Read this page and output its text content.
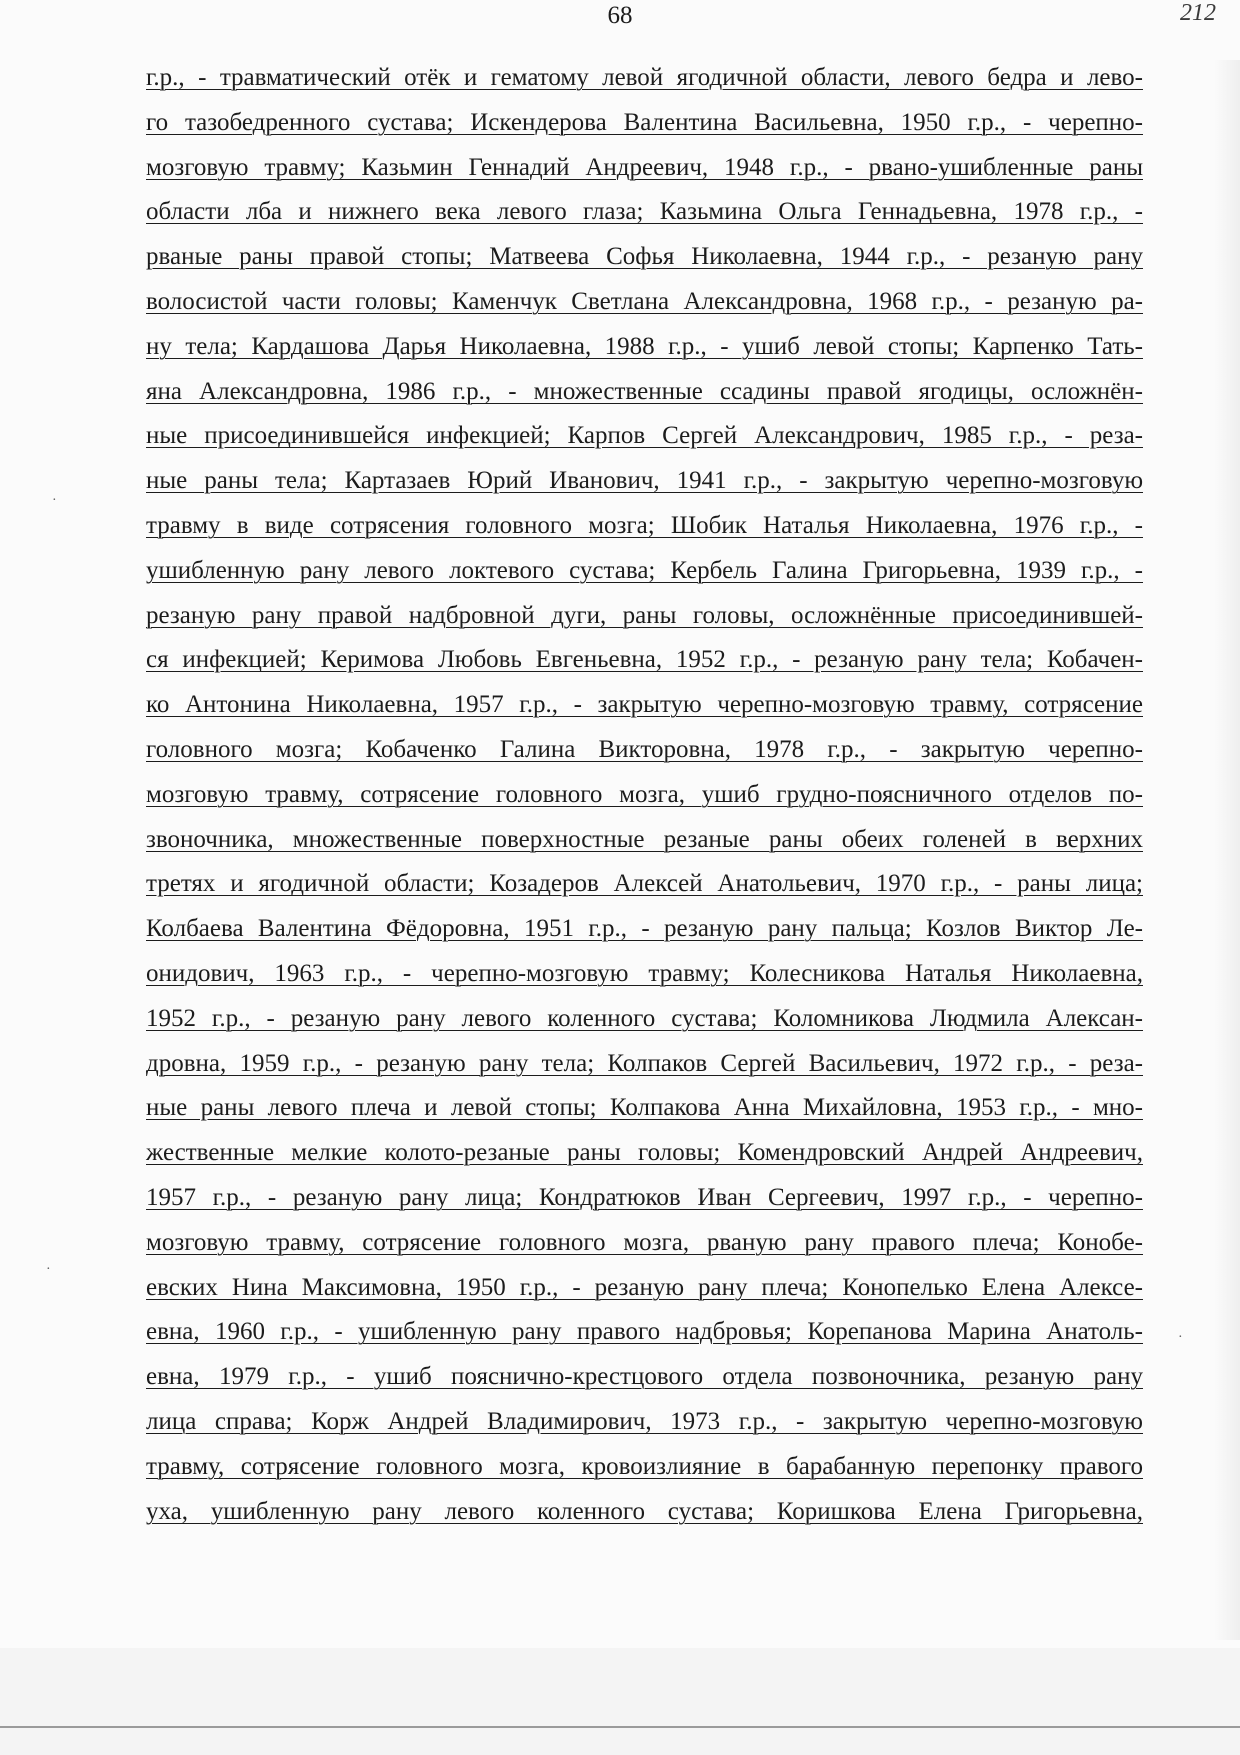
68	212
г.р., - травматический отёк и гематому левой ягодичной области, левого бедра и лево-
го тазобедренного сустава; Искендерова Валентина Васильевна, 1950 г.р., - черепно-
мозговую травму; Казьмин Геннадий Андреевич, 1948 г.р., - рвано-ушибленные раны
области лба и нижнего века левого глаза; Казьмина Ольга Геннадьевна, 1978 г.р., -
рваные раны правой стопы; Матвеева Софья Николаевна, 1944 г.р., - резаную рану
волосистой части головы; Каменчук Светлана Александровна, 1968 г.р., - резаную ра-
ну тела; Кардашова Дарья Николаевна, 1988 г.р., - ушиб левой стопы; Карпенко Тать-
яна Александровна, 1986 г.р., - множественные ссадины правой ягодицы, осложнён-
ные присоединившейся инфекцией; Карпов Сергей Александрович, 1985 г.р., - реза-
ные раны тела; Картазаев Юрий Иванович, 1941 г.р., - закрытую черепно-мозговую
травму в виде сотрясения головного мозга; Шобик Наталья Николаевна, 1976 г.р., -
ушибленную рану левого локтевого сустава; Кербель Галина Григорьевна, 1939 г.р., -
резаную рану правой надбровной дуги, раны головы, осложнённые присоединившей-
ся инфекцией; Керимова Любовь Евгеньевна, 1952 г.р., - резаную рану тела; Кобачен-
ко Антонина Николаевна, 1957 г.р., - закрытую черепно-мозговую травму, сотрясение
головного мозга; Кобаченко Галина Викторовна, 1978 г.р., - закрытую черепно-
мозговую травму, сотрясение головного мозга, ушиб грудно-поясничного отделов по-
звоночника, множественные поверхностные резаные раны обеих голеней в верхних
третях и ягодичной области; Козадеров Алексей Анатольевич, 1970 г.р., - раны лица;
Колбаева Валентина Фёдоровна, 1951 г.р., - резаную рану пальца; Козлов Виктор Ле-
онидович, 1963 г.р., - черепно-мозговую травму; Колесникова Наталья Николаевна,
1952 г.р., - резаную рану левого коленного сустава; Коломникова Людмила Алексан-
дровна, 1959 г.р., - резаную рану тела; Колпаков Сергей Васильевич, 1972 г.р., - реза-
ные раны левого плеча и левой стопы; Колпакова Анна Михайловна, 1953 г.р., - мно-
жественные мелкие колото-резаные раны головы; Комендровский Андрей Андреевич,
1957 г.р., - резаную рану лица; Кондратюков Иван Сергеевич, 1997 г.р., - черепно-
мозговую травму, сотрясение головного мозга, рваную рану правого плеча; Конобе-
евских Нина Максимовна, 1950 г.р., - резаную рану плеча; Конопелько Елена Алексе-
евна, 1960 г.р., - ушибленную рану правого надбровья; Корепанова Марина Анатоль-
евна, 1979 г.р., - ушиб пояснично-крестцового отдела позвоночника, резаную рану
лица справа; Корж Андрей Владимирович, 1973 г.р., - закрытую черепно-мозговую
травму, сотрясение головного мозга, кровоизлияние в барабанную перепонку правого
уха, ушибленную рану левого коленного сустава; Коришкова Елена Григорьевна,
·
·
·
